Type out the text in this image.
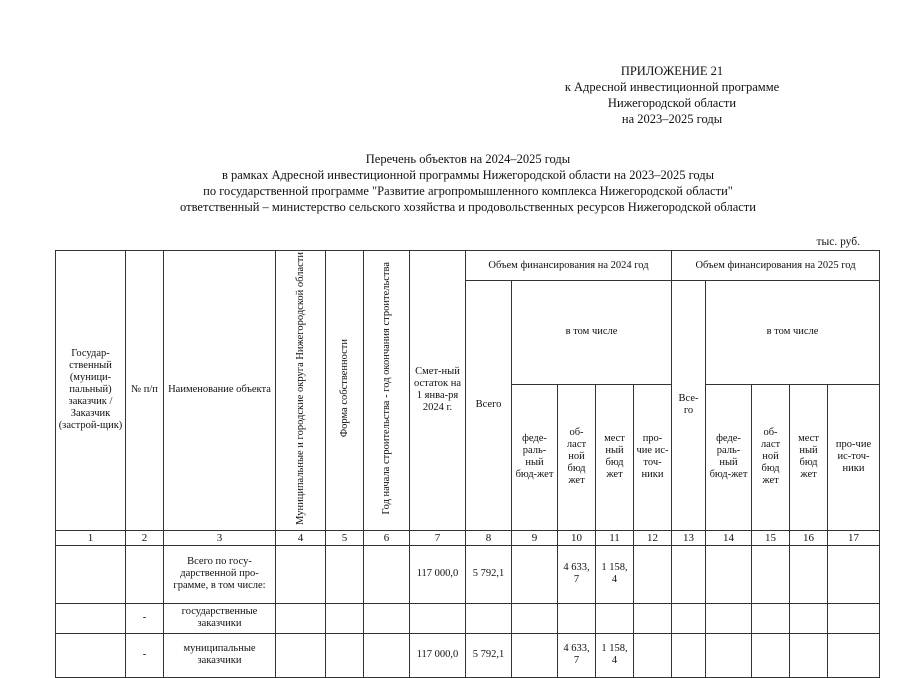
ПРИЛОЖЕНИЕ 21
к Адресной инвестиционной программе
Нижегородской области
на 2023–2025 годы
Перечень объектов на 2024–2025 годы
в рамках Адресной инвестиционной программы Нижегородской области на 2023–2025 годы
по государственной программе "Развитие агропромышленного комплекса Нижегородской области"
ответственный – министерство сельского хозяйства и продовольственных ресурсов Нижегородской области
тыс. руб.
Государ-ственный (муници-пальный) заказчик / Заказчик (застрой-щик)	№ п/п	Наименование объекта	Муниципальные и городские округа Нижегородской области	Форма собственности	Год начала строительства - год окончания строительства	Смет-ный остаток на 1 янва-ря 2024 г.	Объем финансирования на 2024 год					Объем финансирования на 2025 год				
							Всего	в том числе				Все-го	в том числе			
								феде-раль-ный бюд-жет	об-ласт ной бюд жет	мест ный бюд жет	про-чие ис-точ-ники		феде-раль-ный бюд-жет	об-ласт ной бюд жет	мест ный бюд жет	про-чие ис-точ-ники
1	2	3	4	5	6	7	8	9	10	11	12	13	14	15	16	17
		Всего по госу-дарственной про-грамме, в том числе:				117 000,0	5 792,1		4 633, 7	1 158, 4						
	-	государственные заказчики														
	-	муниципальные заказчики				117 000,0	5 792,1		4 633, 7	1 158, 4						
